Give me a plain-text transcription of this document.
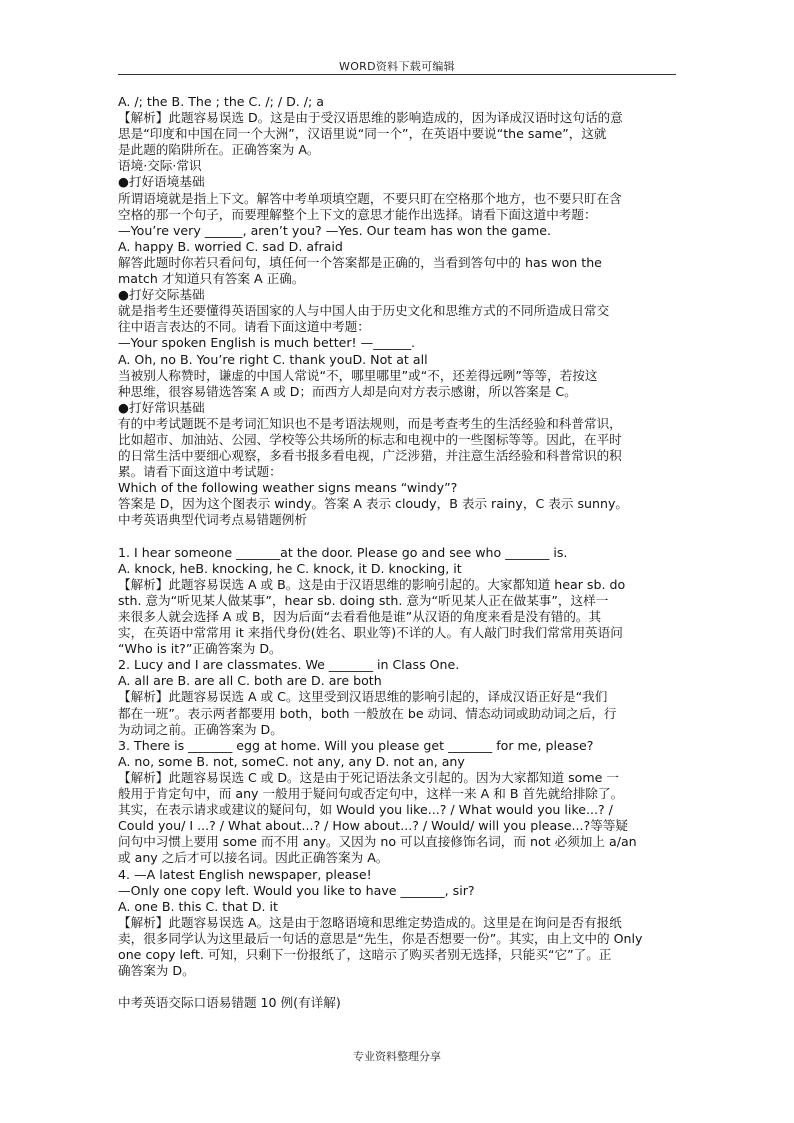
WORD资料下载可编辑
A. /; the B. The ; the C. /; / D. /; a
【解析】此题容易误选 D。这是由于受汉语思维的影响造成的，因为译成汉语时这句话的意
思是“印度和中国在同一个大洲”，汉语里说“同一个”，在英语中要说“the same”，这就
是此题的陷阱所在。正确答案为 A。
语境·交际·常识
●打好语境基础
所谓语境就是指上下文。解答中考单项填空题，不要只盯在空格那个地方，也不要只盯在含
空格的那一个句子，而要理解整个上下文的意思才能作出选择。请看下面这道中考题：
—You’re very ______, aren’t you? —Yes. Our team has won the game.
A. happy B. worried C. sad D. afraid
解答此题时你若只看问句，填任何一个答案都是正确的，当看到答句中的 has won the
match 才知道只有答案 A 正确。
●打好交际基础
就是指考生还要懂得英语国家的人与中国人由于历史文化和思维方式的不同所造成日常交
往中语言表达的不同。请看下面这道中考题：
—Your spoken English is much better! —______.
A. Oh, no B. You’re right C. thank youD. Not at all
当被别人称赞时，谦虚的中国人常说“不，哪里哪里”或“不，还差得远咧”等等，若按这
种思维，很容易错选答案 A 或 D；而西方人却是向对方表示感谢，所以答案是 C。
●打好常识基础
有的中考试题既不是考词汇知识也不是考语法规则，而是考查考生的生活经验和科普常识，
比如超市、加油站、公园、学校等公共场所的标志和电视中的一些图标等等。因此，在平时
的日常生活中要细心观察，多看书报多看电视，广泛涉猎，并注意生活经验和科普常识的积
累。请看下面这道中考试题：
Which of the following weather signs means “windy”?
答案是 D，因为这个图表示 windy。答案 A 表示 cloudy，B 表示 rainy，C 表示 sunny。
中考英语典型代词考点易错题例析
1. I hear someone _______at the door. Please go and see who _______ is.
A. knock, heB. knocking, he C. knock, it D. knocking, it
【解析】此题容易误选 A 或 B。这是由于汉语思维的影响引起的。大家都知道 hear sb. do
sth. 意为“听见某人做某事”，hear sb. doing sth. 意为“听见某人正在做某事”，这样一
来很多人就会选择 A 或 B，因为后面“去看看他是谁”从汉语的角度来看是没有错的。其
实，在英语中常常用 it 来指代身份(姓名、职业等)不详的人。有人敲门时我们常常用英语问
“Who is it?”正确答案为 D。
2. Lucy and I are classmates. We _______ in Class One.
A. all are B. are all C. both are D. are both
【解析】此题容易误选 A 或 C。这里受到汉语思维的影响引起的，译成汉语正好是“我们
都在一班”。表示两者都要用 both，both 一般放在 be 动词、情态动词或助动词之后，行
为动词之前。正确答案为 D。
3. There is _______ egg at home. Will you please get _______ for me, please?
A. no, some B. not, someC. not any, any D. not an, any
【解析】此题容易误选 C 或 D。这是由于死记语法条文引起的。因为大家都知道 some 一
般用于肯定句中，而 any 一般用于疑问句或否定句中，这样一来 A 和 B 首先就给排除了。
其实，在表示请求或建议的疑问句，如 Would you like...? / What would you like...? /
Could you/ I ...? / What about...? / How about...? / Would/ will you please...?等等疑
问句中习惯上要用 some 而不用 any。又因为 no 可以直接修饰名词，而 not 必须加上 a/an
或 any 之后才可以接名词。因此正确答案为 A。
4. —A latest English newspaper, please!
—Only one copy left. Would you like to have _______, sir?
A. one B. this C. that D. it
【解析】此题容易误选 A。这是由于忽略语境和思维定势造成的。这里是在询问是否有报纸
卖，很多同学认为这里最后一句话的意思是“先生，你是否想要一份”。其实，由上文中的 Only
one copy left. 可知，只剩下一份报纸了，这暗示了购买者别无选择，只能买“它”了。正
确答案为 D。
中考英语交际口语易错题 10 例(有详解)
专业资料整理分享
